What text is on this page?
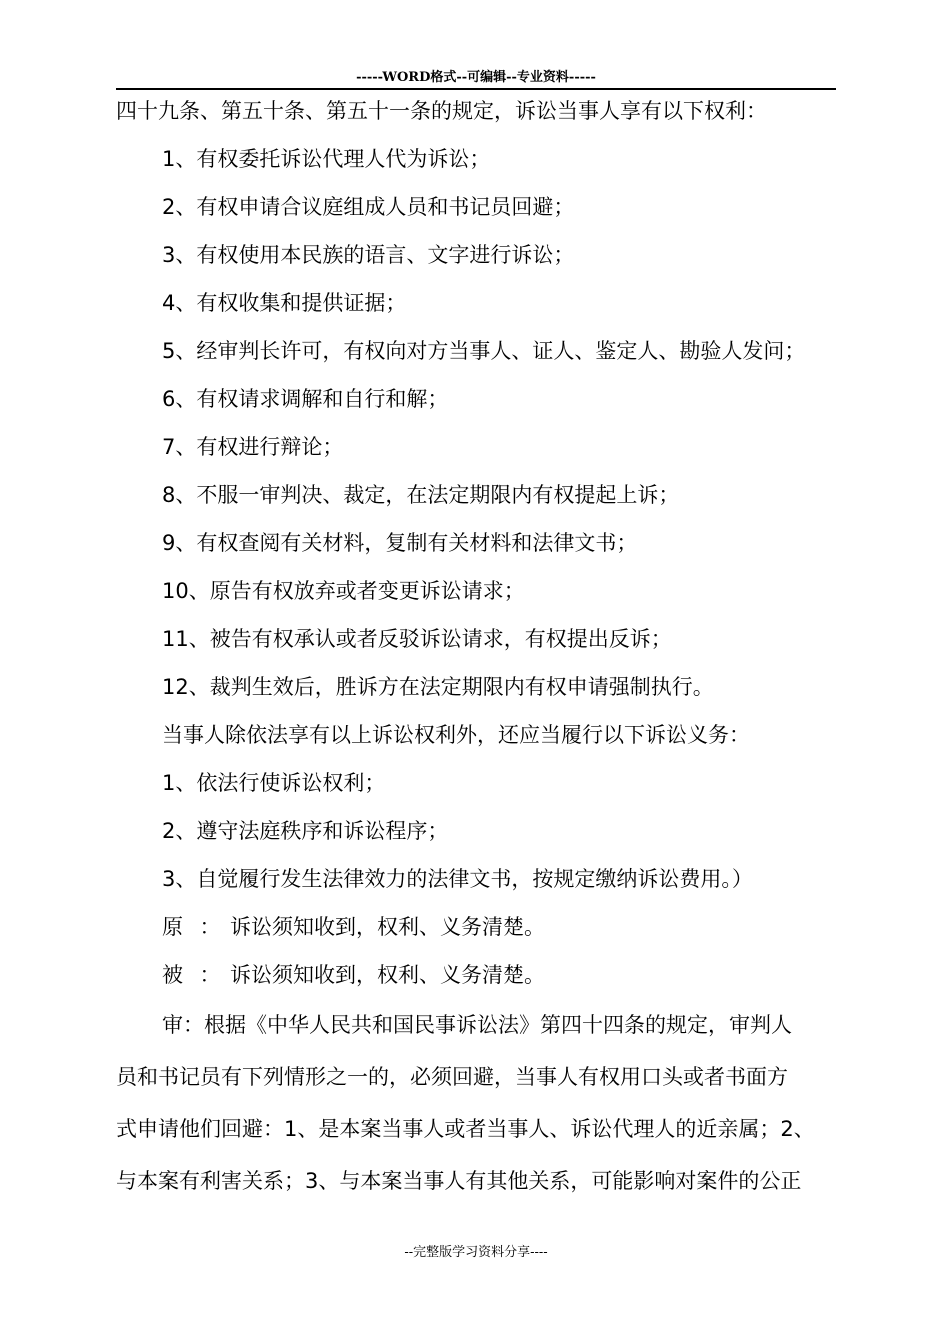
-----WORD格式--可编辑--专业资料-----
四十九条、第五十条、第五十一条的规定，诉讼当事人享有以下权利：
1、有权委托诉讼代理人代为诉讼；
2、有权申请合议庭组成人员和书记员回避；
3、有权使用本民族的语言、文字进行诉讼；
4、有权收集和提供证据；
5、经审判长许可，有权向对方当事人、证人、鉴定人、勘验人发问；
6、有权请求调解和自行和解；
7、有权进行辩论；
8、不服一审判决、裁定，在法定期限内有权提起上诉；
9、有权查阅有关材料，复制有关材料和法律文书；
10、原告有权放弃或者变更诉讼请求；
11、被告有权承认或者反驳诉讼请求，有权提出反诉；
12、裁判生效后，胜诉方在法定期限内有权申请强制执行。
当事人除依法享有以上诉讼权利外，还应当履行以下诉讼义务：
1、依法行使诉讼权利；
2、遵守法庭秩序和诉讼程序；
3、自觉履行发生法律效力的法律文书，按规定缴纳诉讼费用。）
原 ： 诉讼须知收到，权利、义务清楚。
被 ： 诉讼须知收到，权利、义务清楚。
审：根据《中华人民共和国民事诉讼法》第四十四条的规定，审判人
员和书记员有下列情形之一的，必须回避，当事人有权用口头或者书面方
式申请他们回避：1、是本案当事人或者当事人、诉讼代理人的近亲属；2、
与本案有利害关系；3、与本案当事人有其他关系，可能影响对案件的公正
--完整版学习资料分享----
